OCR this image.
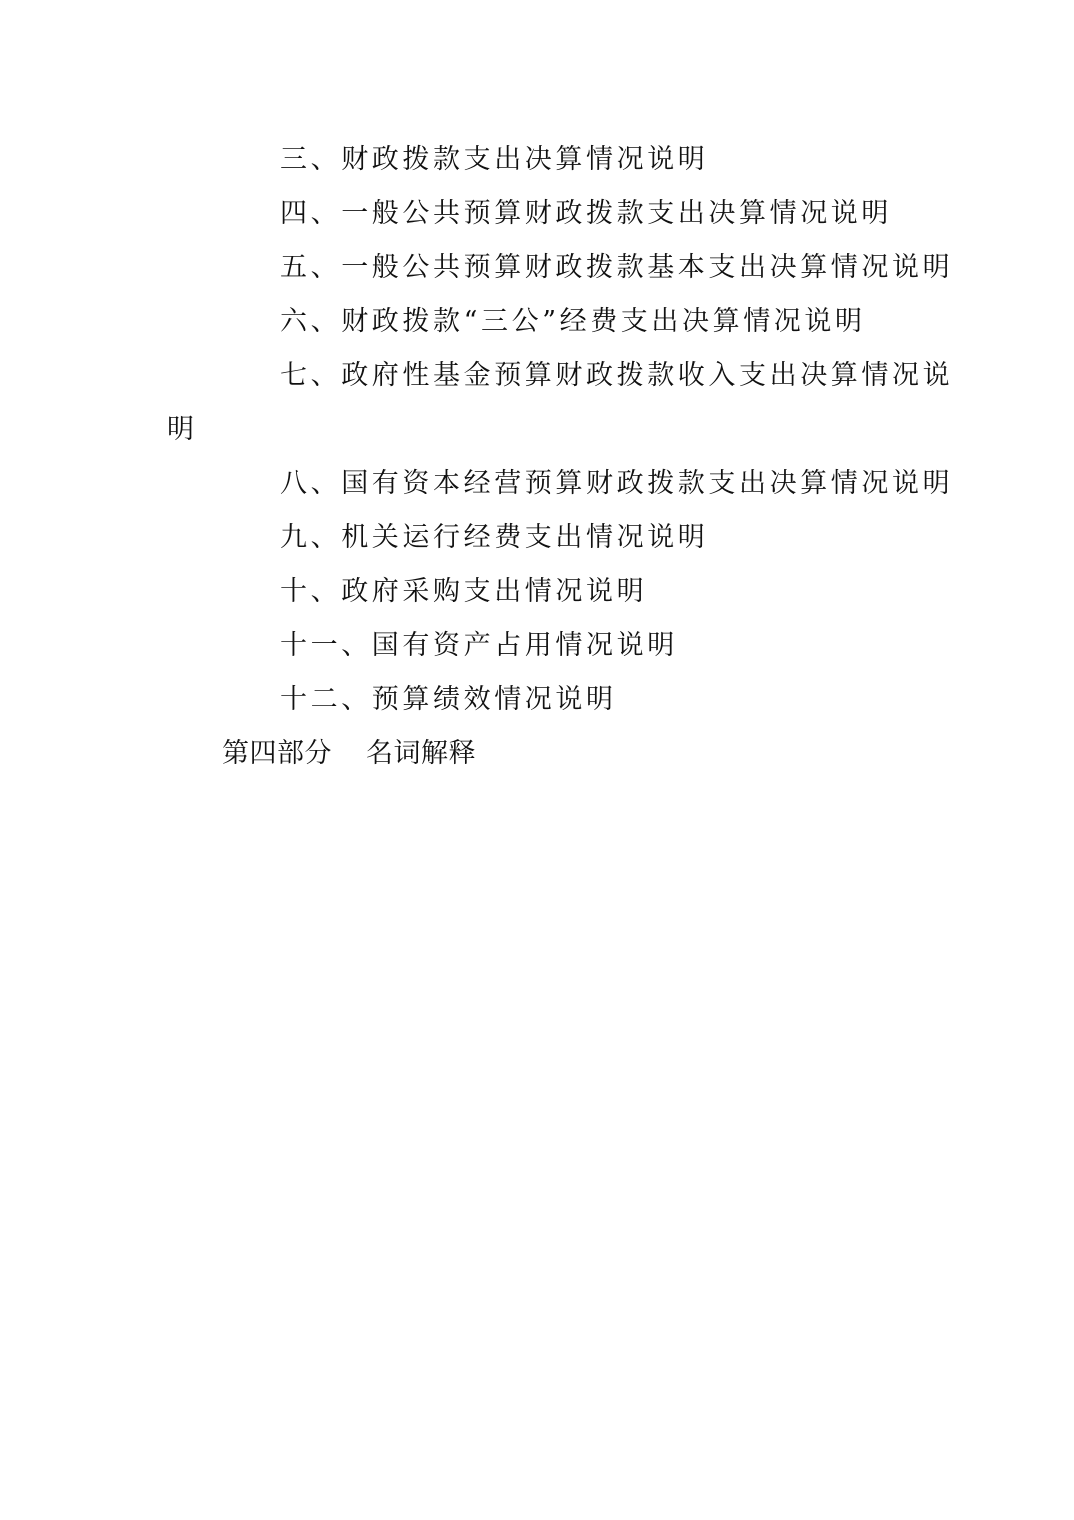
三、财政拨款支出决算情况说明
四、一般公共预算财政拨款支出决算情况说明
五、一般公共预算财政拨款基本支出决算情况说明
六、财政拨款“三公”经费支出决算情况说明
七、政府性基金预算财政拨款收入支出决算情况说
明
八、国有资本经营预算财政拨款支出决算情况说明
九、机关运行经费支出情况说明
十、政府采购支出情况说明
十一、国有资产占用情况说明
十二、预算绩效情况说明
第四部分 名词解释
